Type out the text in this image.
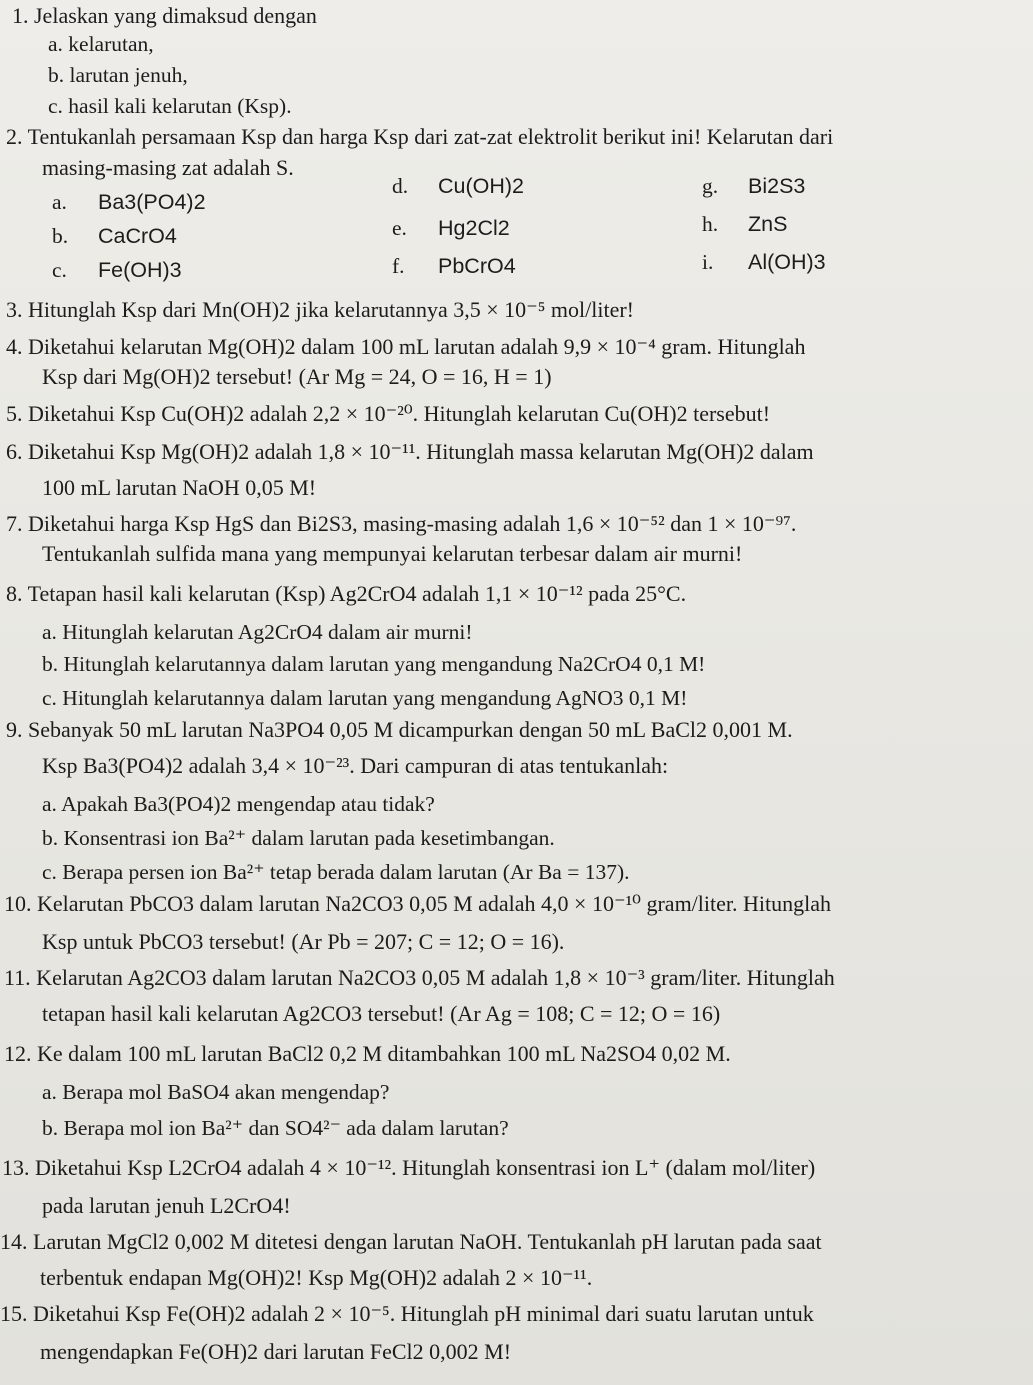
1. Jelaskan yang dimaksud dengan
a. kelarutan,
b. larutan jenuh,
c. hasil kali kelarutan (Ksp).
2. Tentukanlah persamaan Ksp dan harga Ksp dari zat-zat elektrolit berikut ini! Kelarutan dari
masing-masing zat adalah S.
a. Ba3(PO4)2
b. CaCrO4
c. Fe(OH)3
d. Cu(OH)2
e. Hg2Cl2
f. PbCrO4
g. Bi2S3
h. ZnS
i. Al(OH)3
3. Hitunglah Ksp dari Mn(OH)2 jika kelarutannya 3,5 × 10⁻⁵ mol/liter!
4. Diketahui kelarutan Mg(OH)2 dalam 100 mL larutan adalah 9,9 × 10⁻⁴ gram. Hitunglah
Ksp dari Mg(OH)2 tersebut! (Ar Mg = 24, O = 16, H = 1)
5. Diketahui Ksp Cu(OH)2 adalah 2,2 × 10⁻²⁰. Hitunglah kelarutan Cu(OH)2 tersebut!
6. Diketahui Ksp Mg(OH)2 adalah 1,8 × 10⁻¹¹. Hitunglah massa kelarutan Mg(OH)2 dalam
100 mL larutan NaOH 0,05 M!
7. Diketahui harga Ksp HgS dan Bi2S3, masing-masing adalah 1,6 × 10⁻⁵² dan 1 × 10⁻⁹⁷.
Tentukanlah sulfida mana yang mempunyai kelarutan terbesar dalam air murni!
8. Tetapan hasil kali kelarutan (Ksp) Ag2CrO4 adalah 1,1 × 10⁻¹² pada 25°C.
a. Hitunglah kelarutan Ag2CrO4 dalam air murni!
b. Hitunglah kelarutannya dalam larutan yang mengandung Na2CrO4 0,1 M!
c. Hitunglah kelarutannya dalam larutan yang mengandung AgNO3 0,1 M!
9. Sebanyak 50 mL larutan Na3PO4 0,05 M dicampurkan dengan 50 mL BaCl2 0,001 M.
Ksp Ba3(PO4)2 adalah 3,4 × 10⁻²³. Dari campuran di atas tentukanlah:
a. Apakah Ba3(PO4)2 mengendap atau tidak?
b. Konsentrasi ion Ba²⁺ dalam larutan pada kesetimbangan.
c. Berapa persen ion Ba²⁺ tetap berada dalam larutan (Ar Ba = 137).
10. Kelarutan PbCO3 dalam larutan Na2CO3 0,05 M adalah 4,0 × 10⁻¹⁰ gram/liter. Hitunglah
Ksp untuk PbCO3 tersebut! (Ar Pb = 207; C = 12; O = 16).
11. Kelarutan Ag2CO3 dalam larutan Na2CO3 0,05 M adalah 1,8 × 10⁻³ gram/liter. Hitunglah
tetapan hasil kali kelarutan Ag2CO3 tersebut! (Ar Ag = 108; C = 12; O = 16)
12. Ke dalam 100 mL larutan BaCl2 0,2 M ditambahkan 100 mL Na2SO4 0,02 M.
a. Berapa mol BaSO4 akan mengendap?
b. Berapa mol ion Ba²⁺ dan SO4²⁻ ada dalam larutan?
13. Diketahui Ksp L2CrO4 adalah 4 × 10⁻¹². Hitunglah konsentrasi ion L⁺ (dalam mol/liter)
pada larutan jenuh L2CrO4!
14. Larutan MgCl2 0,002 M ditetesi dengan larutan NaOH. Tentukanlah pH larutan pada saat
terbentuk endapan Mg(OH)2! Ksp Mg(OH)2 adalah 2 × 10⁻¹¹.
15. Diketahui Ksp Fe(OH)2 adalah 2 × 10⁻⁵. Hitunglah pH minimal dari suatu larutan untuk
mengendapkan Fe(OH)2 dari larutan FeCl2 0,002 M!
